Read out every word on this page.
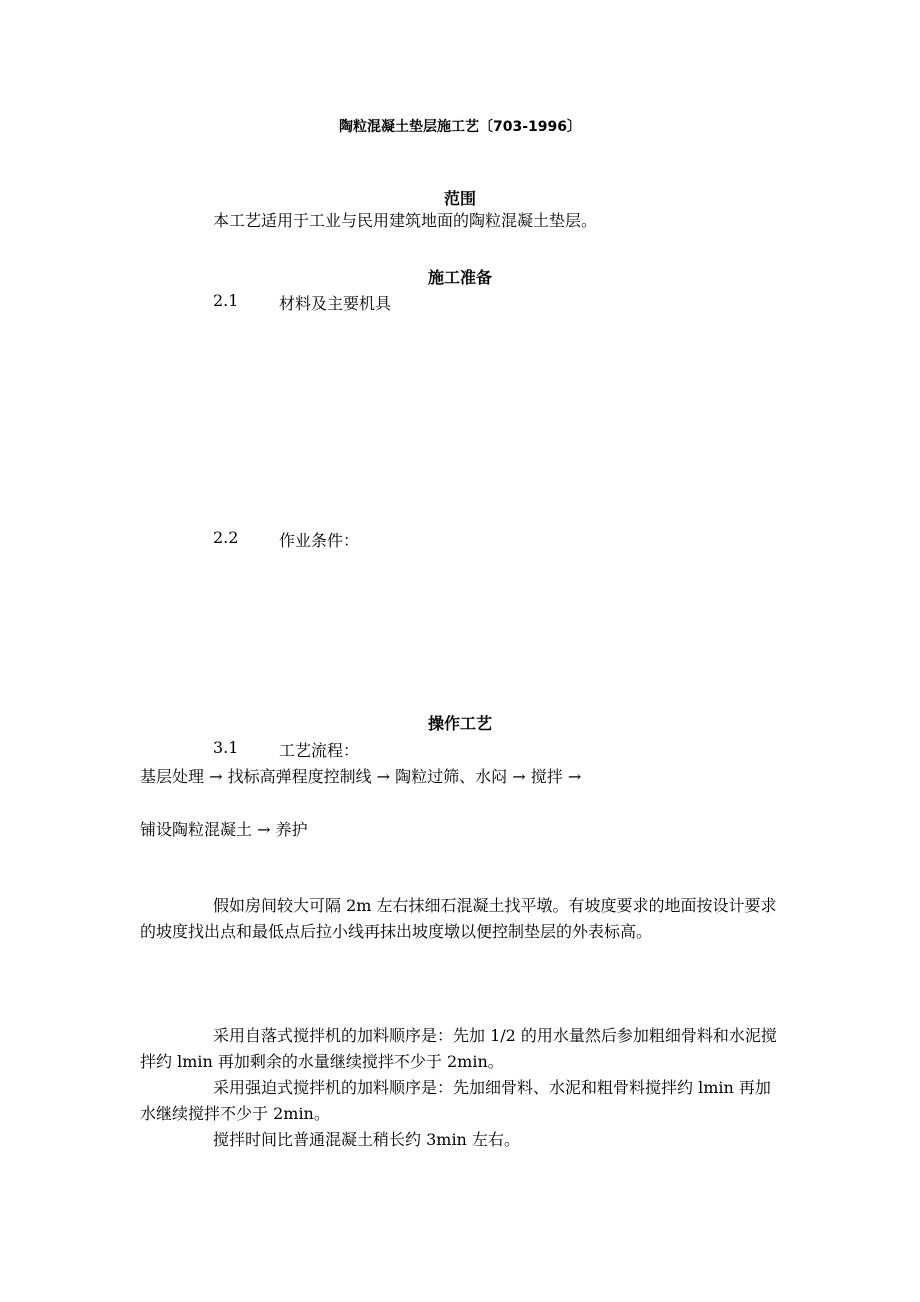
陶粒混凝土垫层施工艺〔703-1996〕
范围
本工艺适用于工业与民用建筑地面的陶粒混凝土垫层。
施工准备
2.1	材料及主要机具
2.2	作业条件：
操作工艺
3.1	工艺流程：
基层处理 → 找标高弹程度控制线 → 陶粒过筛、水闷 → 搅拌 →
铺设陶粒混凝土 → 养护
假如房间较大可隔 2m 左右抹细石混凝土找平墩。有坡度要求的地面按设计要求的坡度找出点和最低点后拉小线再抹出坡度墩以便控制垫层的外表标高。
采用自落式搅拌机的加料顺序是：先加 1/2 的用水量然后参加粗细骨料和水泥搅拌约 lmin 再加剩余的水量继续搅拌不少于 2min。
采用强迫式搅拌机的加料顺序是：先加细骨料、水泥和粗骨料搅拌约 lmin 再加水继续搅拌不少于 2min。
搅拌时间比普通混凝土稍长约 3min 左右。
